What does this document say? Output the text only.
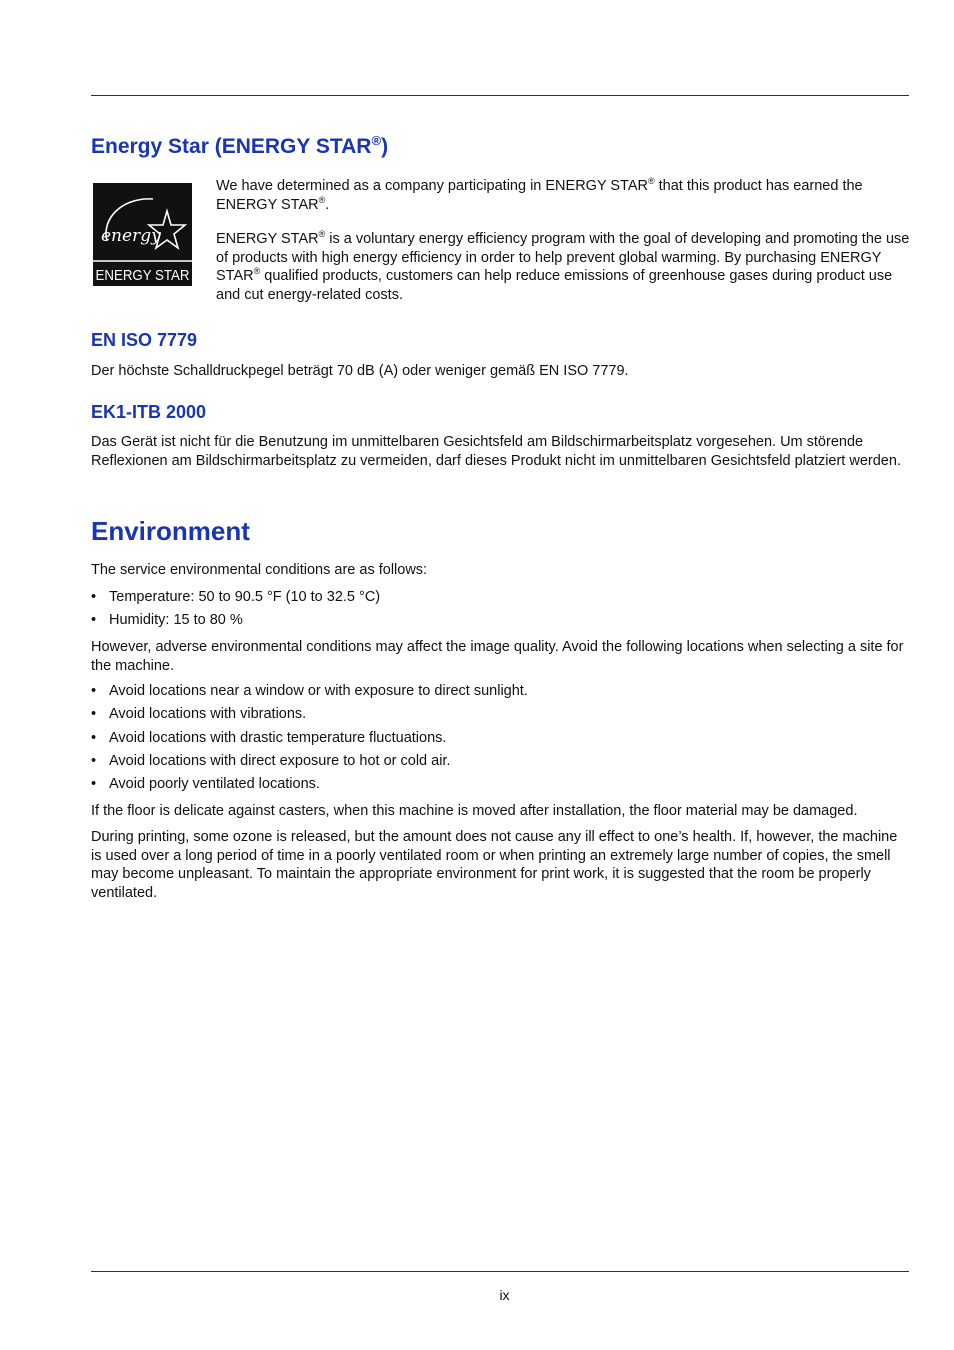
Energy Star (ENERGY STAR®)
energy
ENERGY STAR

We have determined as a company participating in ENERGY STAR® that this product has earned the ENERGY STAR®.

ENERGY STAR® is a voluntary energy efficiency program with the goal of developing and promoting the use of products with high energy efficiency in order to help prevent global warming. By purchasing ENERGY STAR® qualified products, customers can help reduce emissions of greenhouse gases during product use and cut energy-related costs.

EN ISO 7779

Der höchste Schalldruckpegel beträgt 70 dB (A) oder weniger gemäß EN ISO 7779.

EK1-ITB 2000

Das Gerät ist nicht für die Benutzung im unmittelbaren Gesichtsfeld am Bildschirmarbeitsplatz vorgesehen. Um störende Reflexionen am Bildschirmarbeitsplatz zu vermeiden, darf dieses Produkt nicht im unmittelbaren Gesichtsfeld platziert werden.

Environment

The service environmental conditions are as follows:

• Temperature: 50 to 90.5 °F (10 to 32.5 °C)
• Humidity: 15 to 80 %

However, adverse environmental conditions may affect the image quality. Avoid the following locations when selecting a site for the machine.

• Avoid locations near a window or with exposure to direct sunlight.
• Avoid locations with vibrations.
• Avoid locations with drastic temperature fluctuations.
• Avoid locations with direct exposure to hot or cold air.
• Avoid poorly ventilated locations.

If the floor is delicate against casters, when this machine is moved after installation, the floor material may be damaged.

During printing, some ozone is released, but the amount does not cause any ill effect to one’s health. If, however, the machine is used over a long period of time in a poorly ventilated room or when printing an extremely large number of copies, the smell may become unpleasant. To maintain the appropriate environment for print work, it is suggested that the room be properly ventilated.

ix
